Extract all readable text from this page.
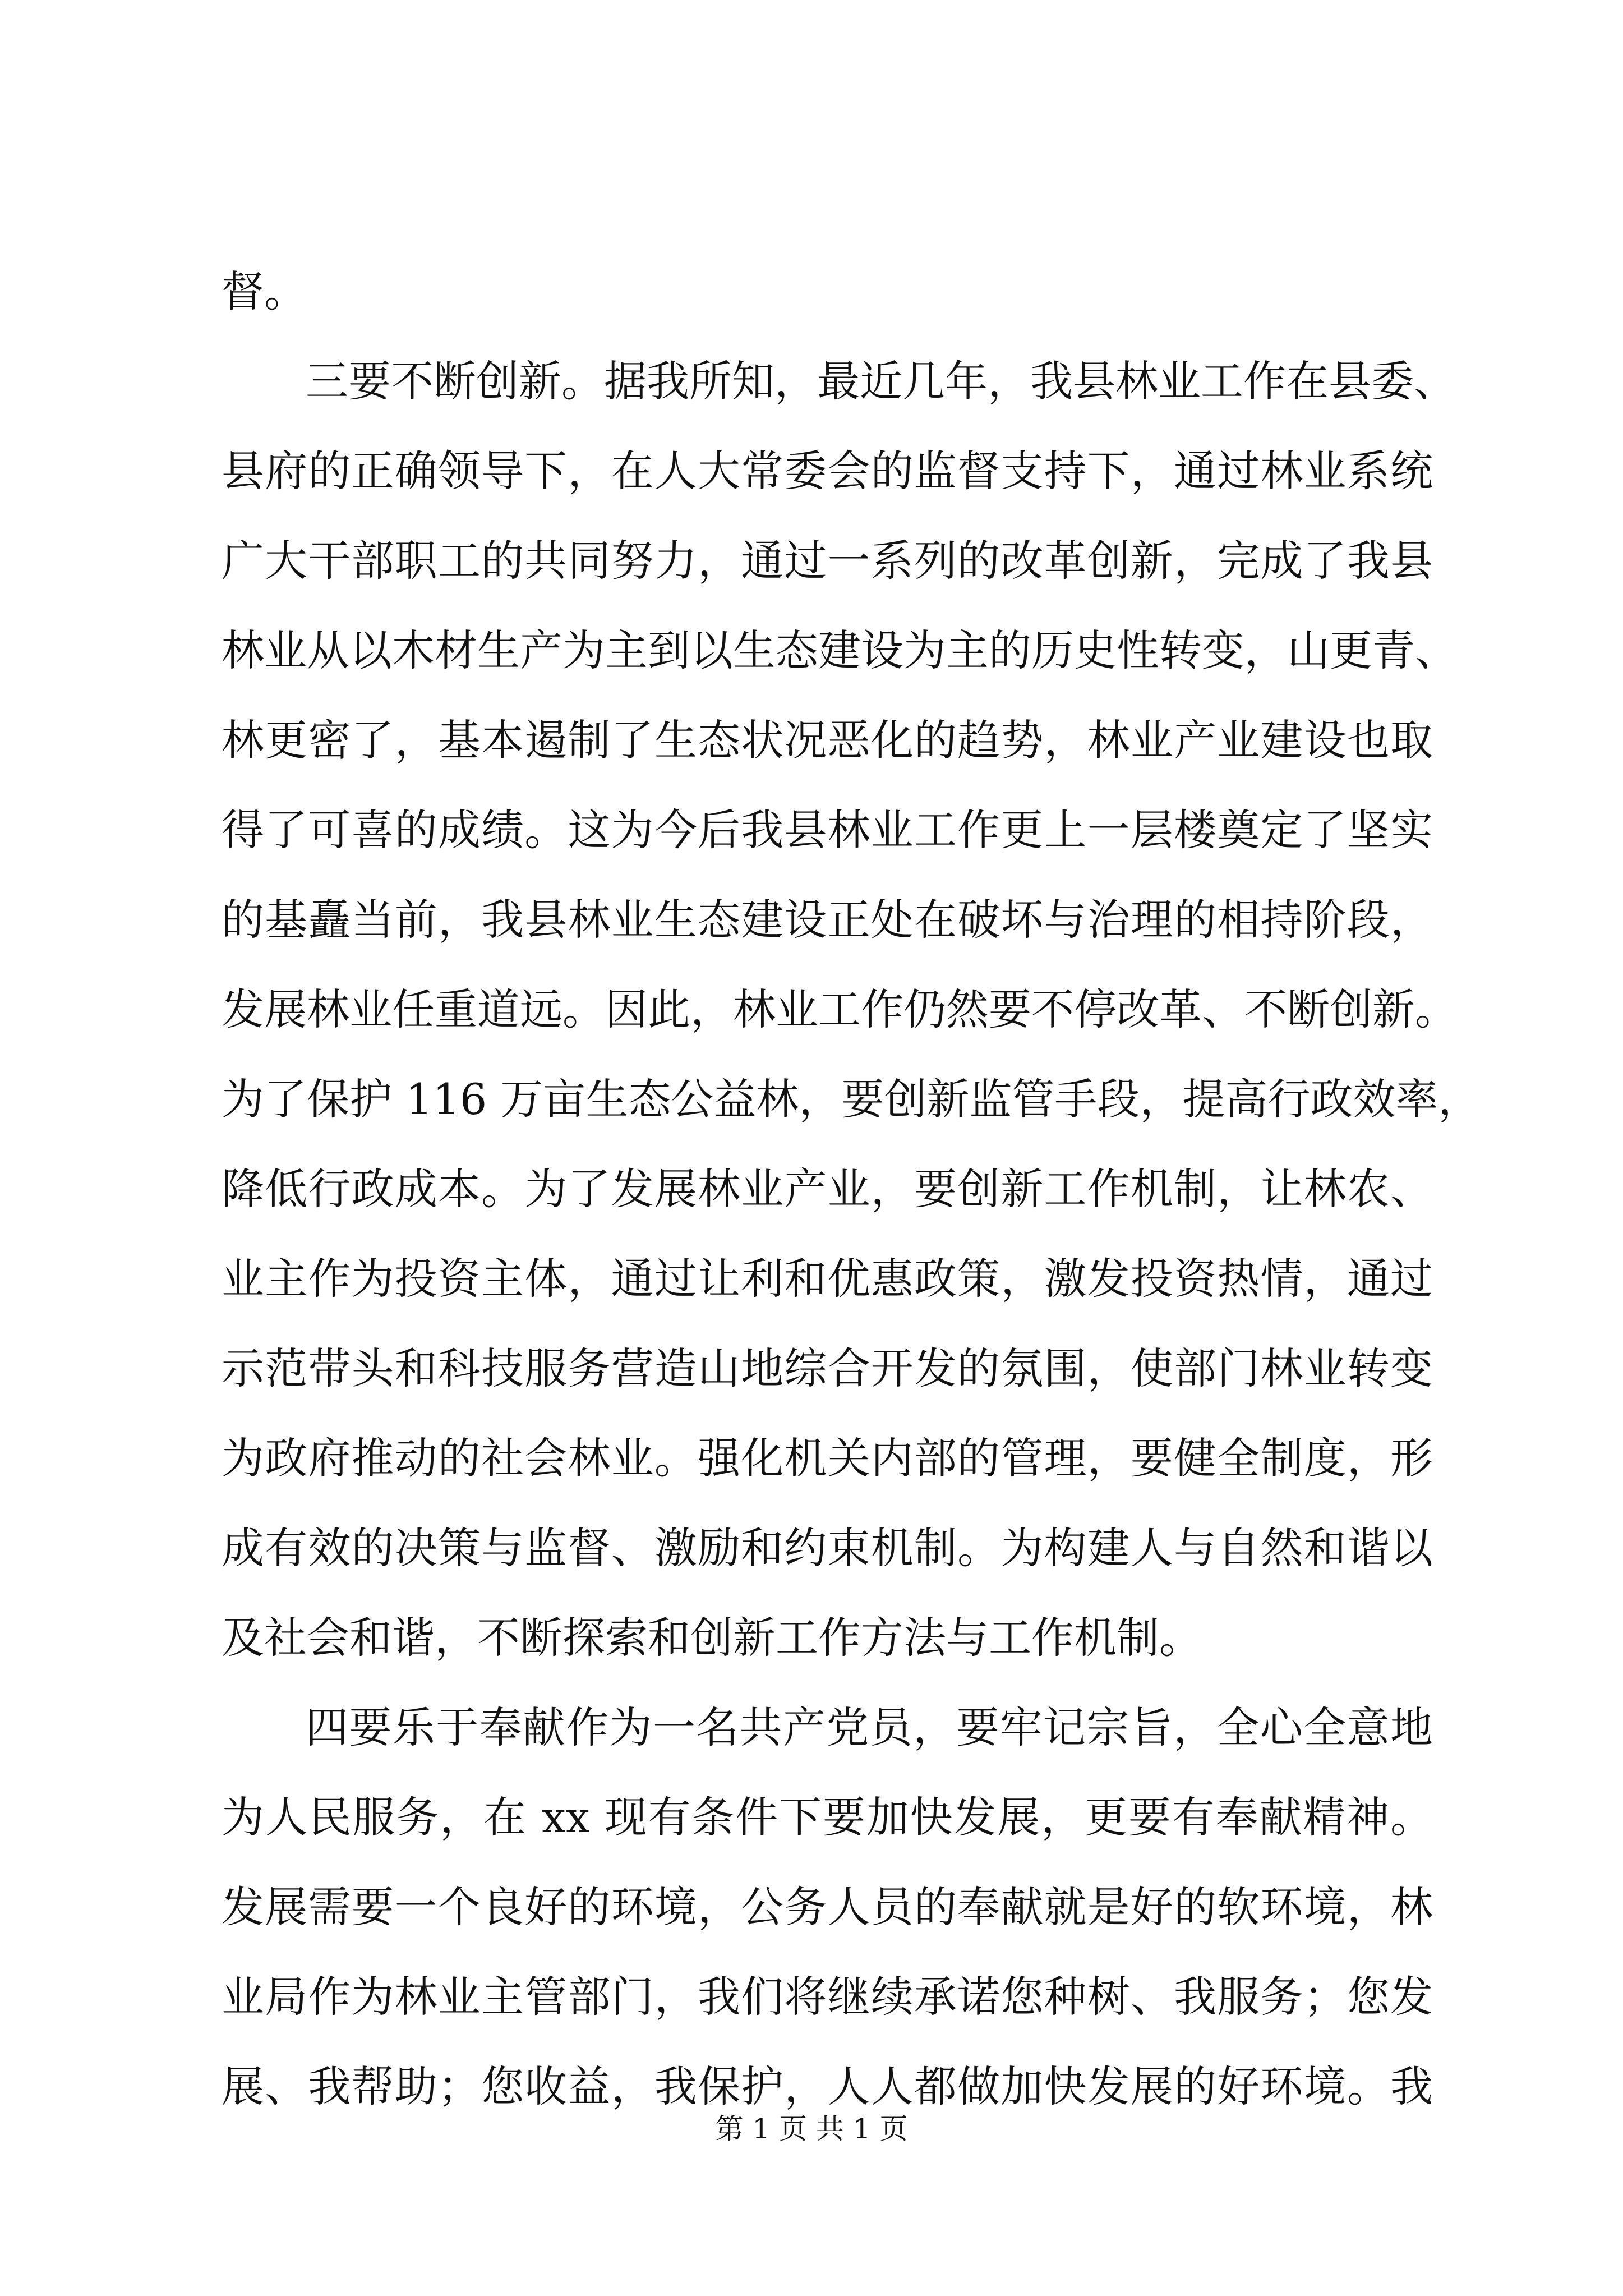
督。
三要不断创新。据我所知，最近几年，我县林业工作在县委、
县府的正确领导下，在人大常委会的监督支持下，通过林业系统
广大干部职工的共同努力，通过一系列的改革创新，完成了我县
林业从以木材生产为主到以生态建设为主的历史性转变，山更青、
林更密了，基本遏制了生态状况恶化的趋势，林业产业建设也取
得了可喜的成绩。这为今后我县林业工作更上一层楼奠定了坚实
的基矗当前，我县林业生态建设正处在破坏与治理的相持阶段，
发展林业任重道远。因此，林业工作仍然要不停改革、不断创新。
为了保护 116 万亩生态公益林，要创新监管手段，提高行政效率，
降低行政成本。为了发展林业产业，要创新工作机制，让林农、
业主作为投资主体，通过让利和优惠政策，激发投资热情，通过
示范带头和科技服务营造山地综合开发的氛围，使部门林业转变
为政府推动的社会林业。强化机关内部的管理，要健全制度，形
成有效的决策与监督、激励和约束机制。为构建人与自然和谐以
及社会和谐，不断探索和创新工作方法与工作机制。
四要乐于奉献作为一名共产党员，要牢记宗旨，全心全意地
为人民服务，在 xx 现有条件下要加快发展，更要有奉献精神。
发展需要一个良好的环境，公务人员的奉献就是好的软环境，林
业局作为林业主管部门，我们将继续承诺您种树、我服务；您发
展、我帮助；您收益，我保护，人人都做加快发展的好环境。我
第 1 页 共 1 页
